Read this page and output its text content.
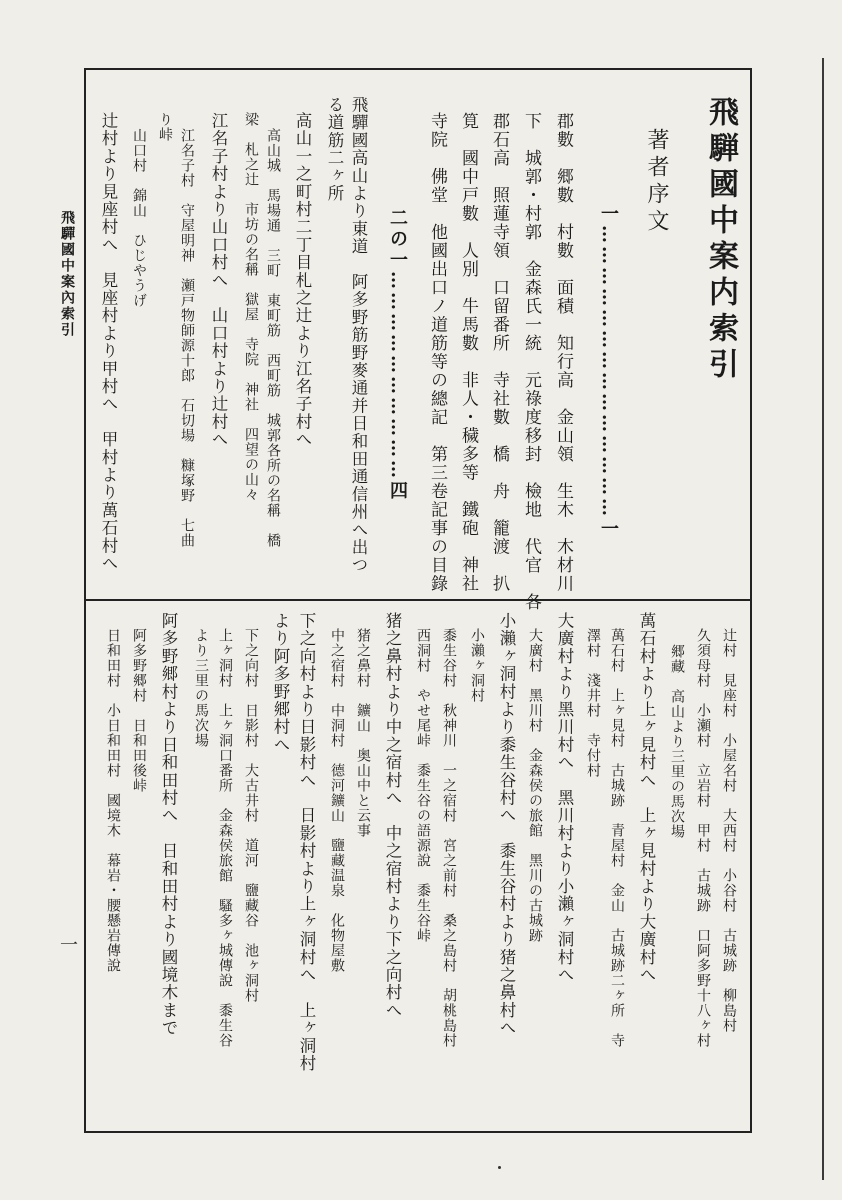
飛驒國中案內索引
一
飛騨國中案内索引
著者序文
一……………………………………一
郡數　郷數　村數　面積　知行高　金山領　生木　木材川
下　城郭・村郭　金森氏一統　元祿度移封　檢地　代官　各
郡石高　照蓮寺領　口留番所　寺社數　橋　舟　籠渡　扒
筧　國中戸數　人別　牛馬數　非人・穢多等　鐵砲　神社
寺院　佛堂　他國出口ノ道筋等の總記　第三卷記事の目錄
二の一…………………………四
飛驒國高山より東道　阿多野筋野麥通并日和田通信州へ出つ
る道筋二ヶ所
高山一之町村二丁目札之辻より江名子村へ
高山城　馬場通　三町　東町筋　西町筋　城郭各所の名稱　橋
梁　札之辻　市坊の名稱　獄屋　寺院　神社　四望の山々
江名子村より山口村へ　山口村より辻村へ
江名子村　守屋明神　瀬戸物師源十郎　石切場　糠塚野　七曲
り峠
山口村　錦山　ひじやうげ
辻村より見座村へ　見座村より甲村へ　甲村より萬石村へ
辻村　見座村　小屋名村　大西村　小谷村　古城跡　柳島村
久須母村　小瀬村　立岩村　甲村　古城跡　口阿多野十八ヶ村
郷藏　高山より三里の馬次場
萬石村より上ヶ見村へ　上ヶ見村より大廣村へ
萬石村　上ヶ見村　古城跡　青屋村　金山　古城跡二ヶ所　寺
澤村　淺井村　寺付村
大廣村より黑川村へ　黑川村より小瀨ヶ洞村へ
大廣村　黑川村　金森侯の旅館　黑川の古城跡
小瀨ヶ洞村より黍生谷村へ　黍生谷村より猪之鼻村へ
小瀨ヶ洞村
黍生谷村　秋神川　一之宿村　宮之前村　桑之島村　胡桃島村
西洞村　やせ尾峠　黍生谷の語源說　黍生谷峠
猪之鼻村より中之宿村へ　中之宿村より下之向村へ
猪之鼻村　鑛山　奥山中と云事
中之宿村　中洞村　德河鑛山　鹽藏温泉　化物屋敷
下之向村より日影村へ　日影村より上ヶ洞村へ　上ヶ洞村
より阿多野郷村へ
下之向村　日影村　大古井村　道河　鹽藏谷　池ヶ洞村
上ヶ洞村　上ヶ洞口番所　金森侯旅館　騷多ヶ城傳說　黍生谷
より三里の馬次場
阿多野郷村より日和田村へ　日和田村より國境木まで
阿多野郷村　日和田後峠
日和田村　小日和田村　國境木　幕岩・腰懸岩傳說
